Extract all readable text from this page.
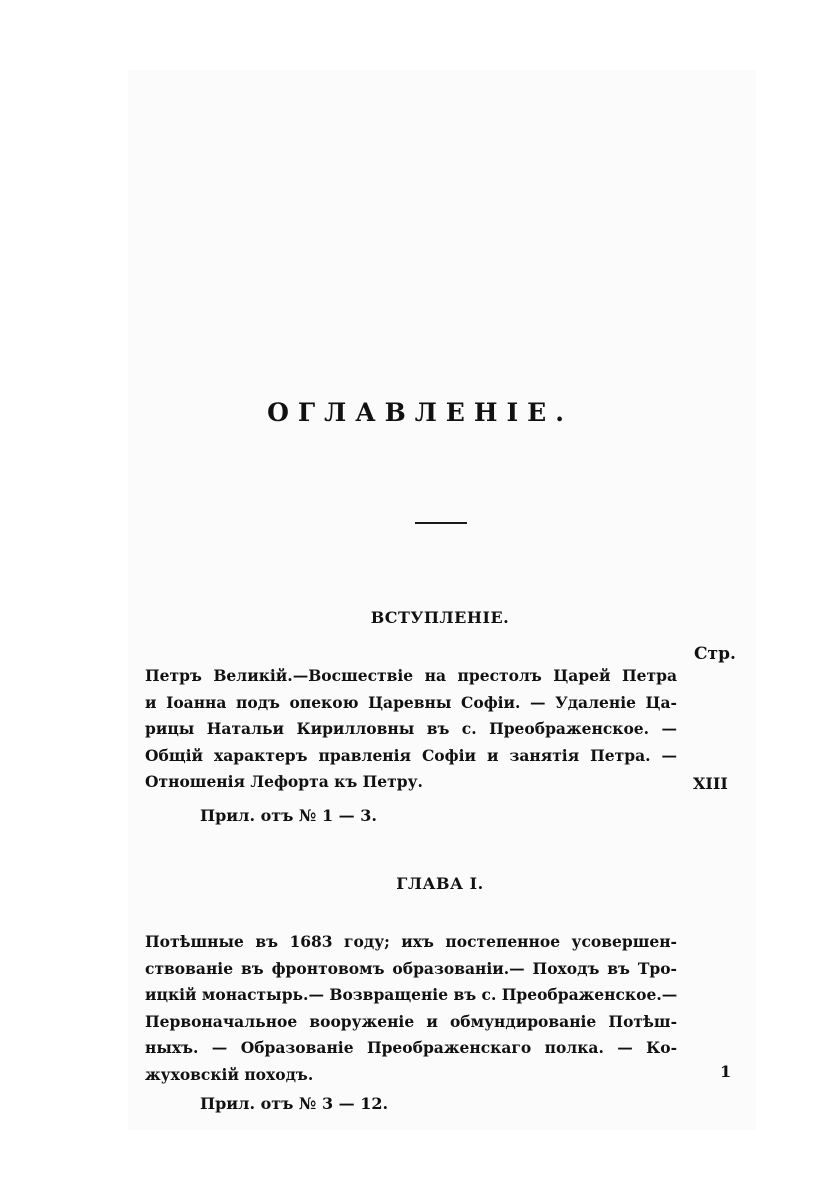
ОГЛАВЛЕНІЕ.
ВСТУПЛЕНІЕ.
Стр.
Петръ Великій.—Восшествіе на престолъ Царей Петра
и Іоанна подъ опекою Царевны Софіи. — Удаленіе Ца-
рицы Натальи Кирилловны въ с. Преображенское. —
Общій характеръ правленія Софіи и занятія Петра. —
Отношенія Лефорта къ Петру.	XIII
Прил. отъ № 1 — 3.
ГЛАВА I.
Потѣшные въ 1683 году; ихъ постепенное усовершен-
ствованіе въ фронтовомъ образованіи.— Походъ въ Тро-
ицкій монастырь.— Возвращеніе въ с. Преображенское.—
Первоначальное вооруженіе и обмундированіе Потѣш-
ныхъ. — Образованіе Преображенскаго полка. — Ко-
жуховскій походъ.	1
Прил. отъ № 3 — 12.
